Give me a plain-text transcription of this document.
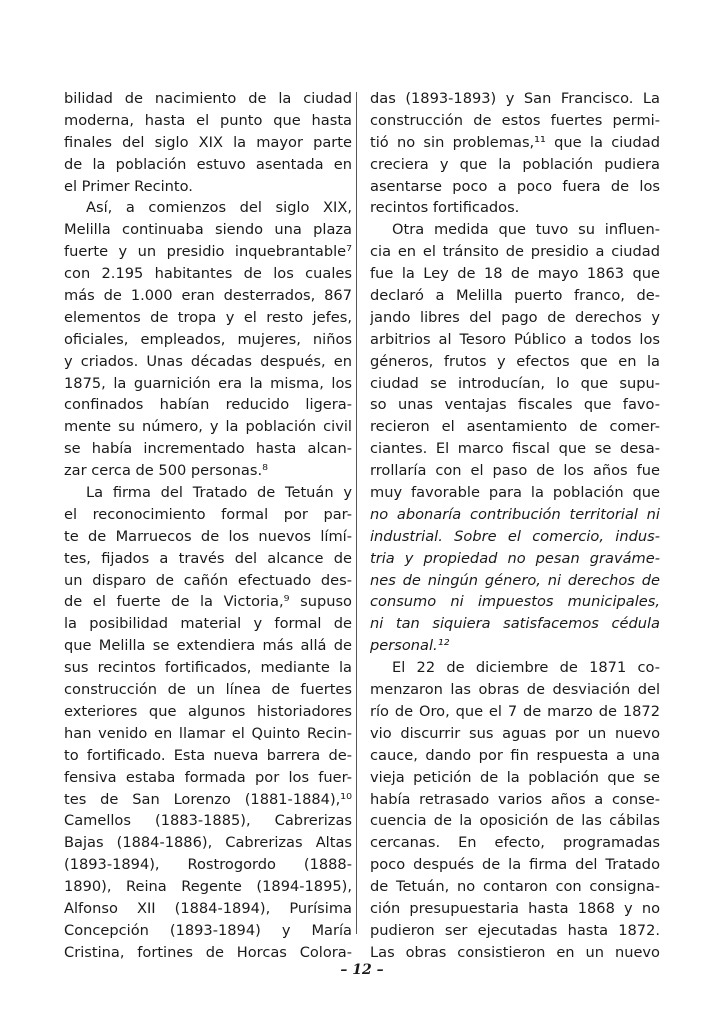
bilidad de nacimiento de la ciudad
moderna, hasta el punto que hasta
finales del siglo XIX la mayor parte
de la población estuvo asentada en
el Primer Recinto.
Así, a comienzos del siglo XIX,
Melilla continuaba siendo una plaza
fuerte y un presidio inquebrantable⁷
con 2.195 habitantes de los cuales
más de 1.000 eran desterrados, 867
elementos de tropa y el resto jefes,
oficiales, empleados, mujeres, niños
y criados. Unas décadas después, en
1875, la guarnición era la misma, los
confinados habían reducido ligera-
mente su número, y la población civil
se había incrementado hasta alcan-
zar cerca de 500 personas.⁸
La firma del Tratado de Tetuán y
el reconocimiento formal por par-
te de Marruecos de los nuevos límí-
tes, fijados a través del alcance de
un disparo de cañón efectuado des-
de el fuerte de la Victoria,⁹ supuso
la posibilidad material y formal de
que Melilla se extendiera más allá de
sus recintos fortificados, mediante la
construcción de un línea de fuertes
exteriores que algunos historiadores
han venido en llamar el Quinto Recin-
to fortificado. Esta nueva barrera de-
fensiva estaba formada por los fuer-
tes de San Lorenzo (1881-1884),¹⁰
Camellos (1883-1885), Cabrerizas
Bajas (1884-1886), Cabrerizas Altas
(1893-1894), Rostrogordo (1888-
1890), Reina Regente (1894-1895),
Alfonso XII (1884-1894), Purísima
Concepción (1893-1894) y María
Cristina, fortines de Horcas Colora-
das (1893-1893) y San Francisco. La
construcción de estos fuertes permi-
tió no sin problemas,¹¹ que la ciudad
creciera y que la población pudiera
asentarse poco a poco fuera de los
recintos fortificados.
Otra medida que tuvo su influen-
cia en el tránsito de presidio a ciudad
fue la Ley de 18 de mayo 1863 que
declaró a Melilla puerto franco, de-
jando libres del pago de derechos y
arbitrios al Tesoro Público a todos los
géneros, frutos y efectos que en la
ciudad se introducían, lo que supu-
so unas ventajas fiscales que favo-
recieron el asentamiento de comer-
ciantes. El marco fiscal que se desa-
rrollaría con el paso de los años fue
muy favorable para la población que
no abonaría contribución territorial ni
industrial. Sobre el comercio, indus-
tria y propiedad no pesan graváme-
nes de ningún género, ni derechos de
consumo ni impuestos municipales,
ni tan siquiera satisfacemos cédula
personal.¹²
El 22 de diciembre de 1871 co-
menzaron las obras de desviación del
río de Oro, que el 7 de marzo de 1872
vio discurrir sus aguas por un nuevo
cauce, dando por fin respuesta a una
vieja petición de la población que se
había retrasado varios años a conse-
cuencia de la oposición de las cábilas
cercanas. En efecto, programadas
poco después de la firma del Tratado
de Tetuán, no contaron con consigna-
ción presupuestaria hasta 1868 y no
pudieron ser ejecutadas hasta 1872.
Las obras consistieron en un nuevo
– 12 –
